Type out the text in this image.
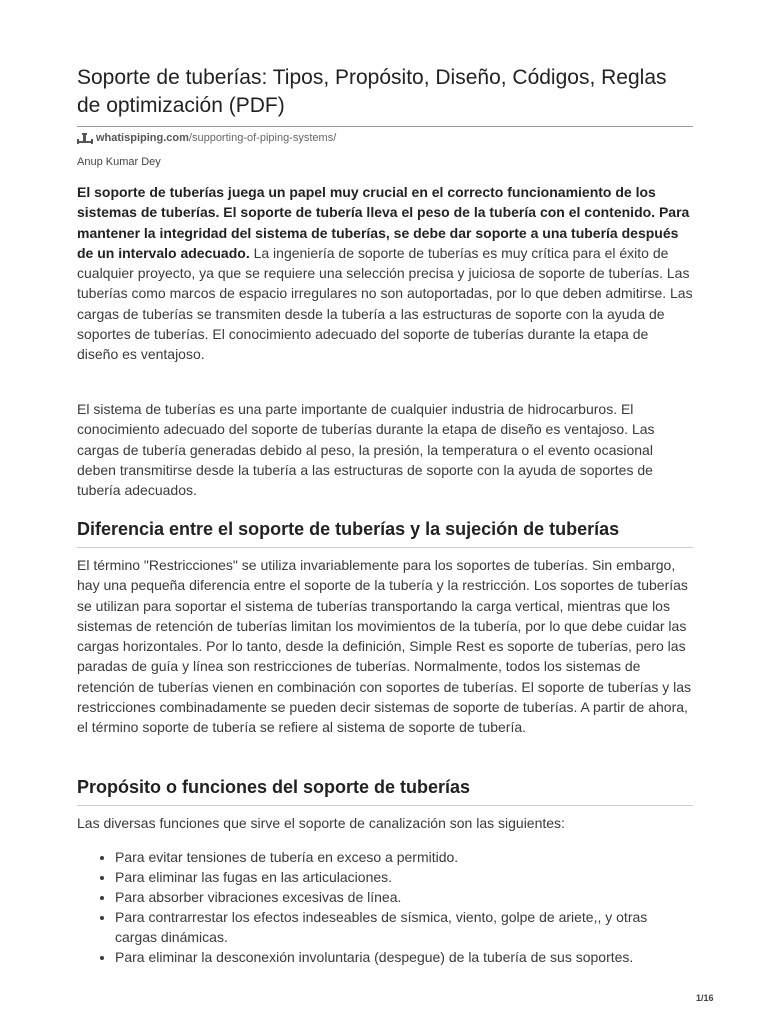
Soporte de tuberías: Tipos, Propósito, Diseño, Códigos, Reglas de optimización (PDF)
whatispiping.com /supporting-of-piping-systems/
Anup Kumar Dey

El soporte de tuberías juega un papel muy crucial en el correcto funcionamiento de los sistemas de tuberías. El soporte de tubería lleva el peso de la tubería con el contenido. Para mantener la integridad del sistema de tuberías, se debe dar soporte a una tubería después de un intervalo adecuado. La ingeniería de soporte de tuberías es muy crítica para el éxito de cualquier proyecto, ya que se requiere una selección precisa y juiciosa de soporte de tuberías. Las tuberías como marcos de espacio irregulares no son autoportadas, por lo que deben admitirse. Las cargas de tuberías se transmiten desde la tubería a las estructuras de soporte con la ayuda de soportes de tuberías. El conocimiento adecuado del soporte de tuberías durante la etapa de diseño es ventajoso.

El sistema de tuberías es una parte importante de cualquier industria de hidrocarburos. El conocimiento adecuado del soporte de tuberías durante la etapa de diseño es ventajoso. Las cargas de tubería generadas debido al peso, la presión, la temperatura o el evento ocasional deben transmitirse desde la tubería a las estructuras de soporte con la ayuda de soportes de tubería adecuados.

Diferencia entre el soporte de tuberías y la sujeción de tuberías

El término "Restricciones" se utiliza invariablemente para los soportes de tuberías. Sin embargo, hay una pequeña diferencia entre el soporte de la tubería y la restricción. Los soportes de tuberías se utilizan para soportar el sistema de tuberías transportando la carga vertical, mientras que los sistemas de retención de tuberías limitan los movimientos de la tubería, por lo que debe cuidar las cargas horizontales. Por lo tanto, desde la definición, Simple Rest es soporte de tuberías, pero las paradas de guía y línea son restricciones de tuberías. Normalmente, todos los sistemas de retención de tuberías vienen en combinación con soportes de tuberías. El soporte de tuberías y las restricciones combinadamente se pueden decir sistemas de soporte de tuberías. A partir de ahora, el término soporte de tubería se refiere al sistema de soporte de tubería.

Propósito o funciones del soporte de tuberías

Las diversas funciones que sirve el soporte de canalización son las siguientes:

• Para evitar tensiones de tubería en exceso a permitido.
• Para eliminar las fugas en las articulaciones.
• Para absorber vibraciones excesivas de línea.
• Para contrarrestar los efectos indeseables de sísmica, viento, golpe de ariete,, y otras cargas dinámicas.
• Para eliminar la desconexión involuntaria (despegue) de la tubería de sus soportes.
1/16
